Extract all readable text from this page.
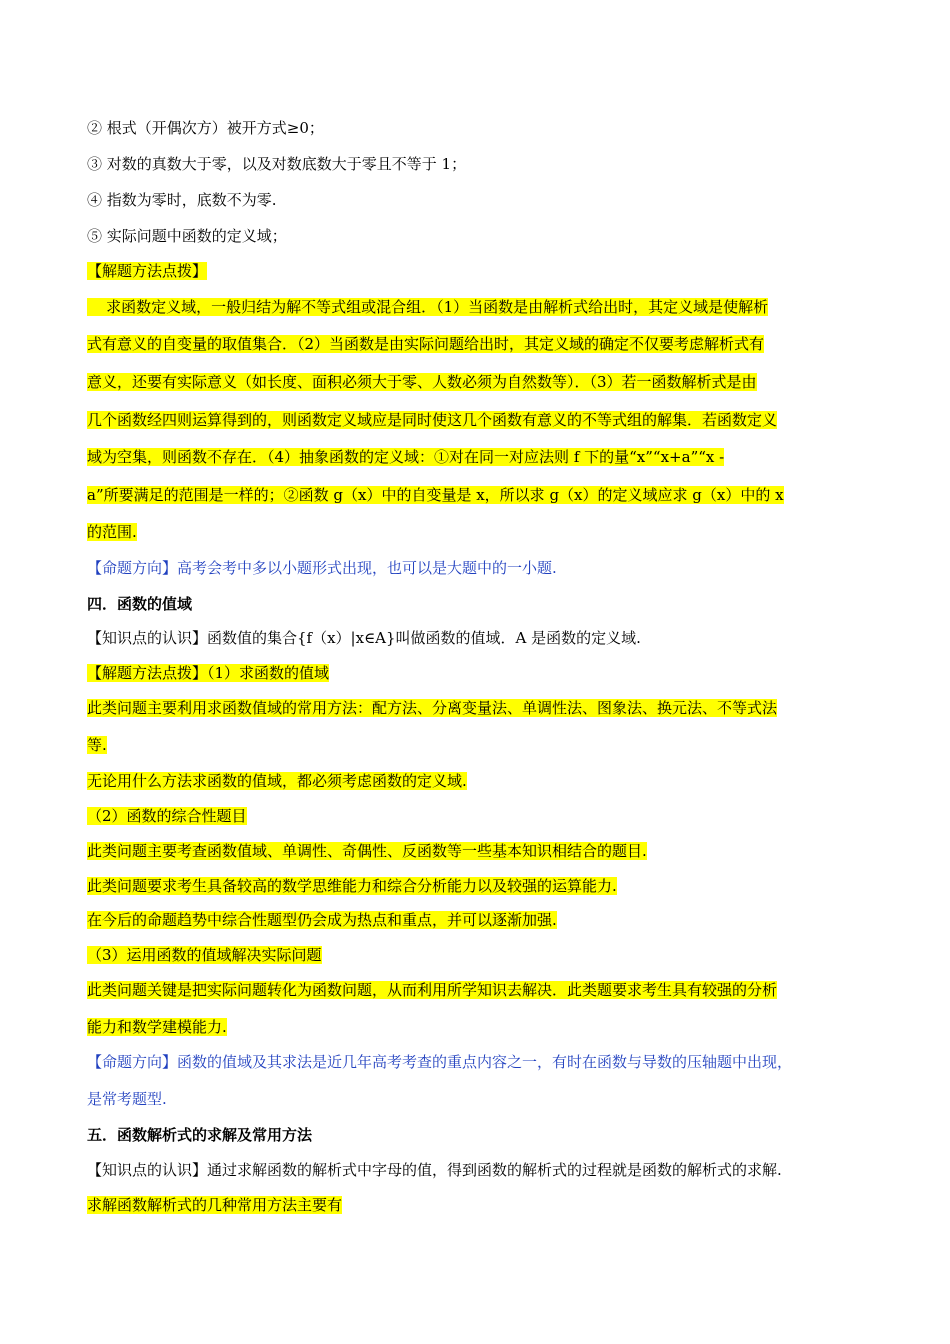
② 根式（开偶次方）被开方式≥0；
③ 对数的真数大于零，以及对数底数大于零且不等于 1；
④ 指数为零时，底数不为零.
⑤ 实际问题中函数的定义域；
【解题方法点拨】
求函数定义域，一般归结为解不等式组或混合组．（1）当函数是由解析式给出时，其定义域是使解析
式有意义的自变量的取值集合．（2）当函数是由实际问题给出时，其定义域的确定不仅要考虑解析式有
意义，还要有实际意义（如长度、面积必须大于零、人数必须为自然数等）．（3）若一函数解析式是由
几个函数经四则运算得到的，则函数定义域应是同时使这几个函数有意义的不等式组的解集．若函数定义
域为空集，则函数不存在．（4）抽象函数的定义域：①对在同一对应法则 f 下的量“x”“x+a”“x -
a”所要满足的范围是一样的；②函数 g（x）中的自变量是 x，所以求 g（x）的定义域应求 g（x）中的 x
的范围.
【命题方向】高考会考中多以小题形式出现，也可以是大题中的一小题.
四．函数的值域
【知识点的认识】函数值的集合{f（x）|x∈A}叫做函数的值域．A 是函数的定义域.
【解题方法点拨】（1）求函数的值域
此类问题主要利用求函数值域的常用方法：配方法、分离变量法、单调性法、图象法、换元法、不等式法
等.
无论用什么方法求函数的值域，都必须考虑函数的定义域.
（2）函数的综合性题目
此类问题主要考查函数值域、单调性、奇偶性、反函数等一些基本知识相结合的题目.
此类问题要求考生具备较高的数学思维能力和综合分析能力以及较强的运算能力.
在今后的命题趋势中综合性题型仍会成为热点和重点，并可以逐渐加强.
（3）运用函数的值域解决实际问题
此类问题关键是把实际问题转化为函数问题，从而利用所学知识去解决．此类题要求考生具有较强的分析
能力和数学建模能力.
【命题方向】函数的值域及其求法是近几年高考考查的重点内容之一，有时在函数与导数的压轴题中出现，
是常考题型.
五．函数解析式的求解及常用方法
【知识点的认识】通过求解函数的解析式中字母的值，得到函数的解析式的过程就是函数的解析式的求解.
求解函数解析式的几种常用方法主要有
